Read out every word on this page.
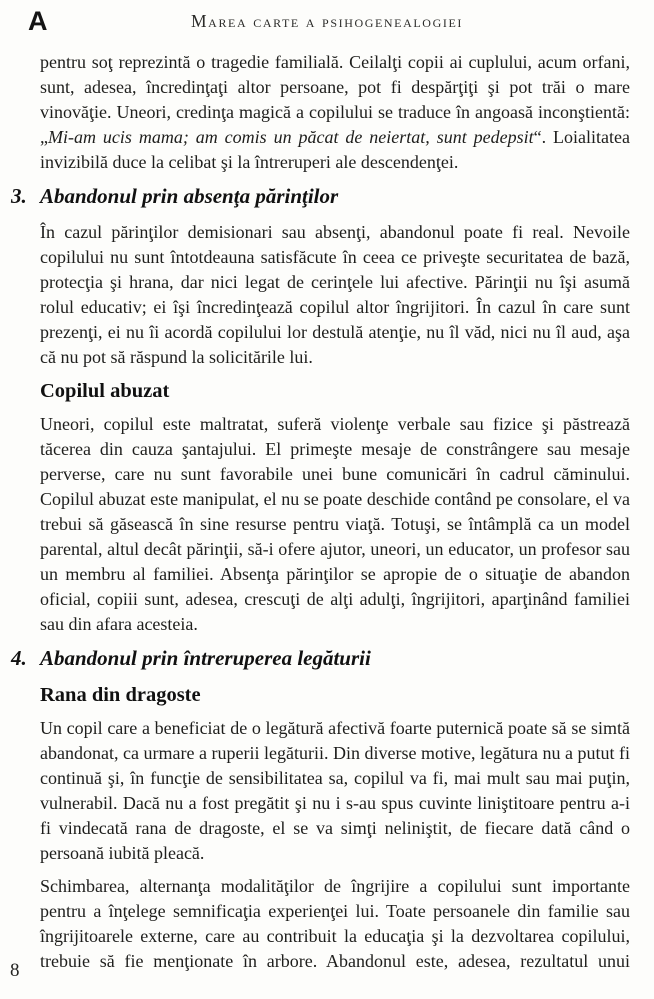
A	Marea carte a psihogenealogiei

pentru soţ reprezintă o tragedie familială. Ceilalţi copii ai cuplului, acum orfani, sunt, adesea, încredinţaţi altor persoane, pot fi despărţiţi şi pot trăi o mare vinovăţie. Uneori, credinţa magică a copilului se traduce în angoasă inconştientă: „Mi-am ucis mama; am comis un păcat de neiertat, sunt pedepsit“. Loialitatea invizibilă duce la celibat şi la întreruperi ale descendenţei.

3. Abandonul prin absenţa părinţilor

În cazul părinţilor demisionari sau absenţi, abandonul poate fi real. Nevoile copilului nu sunt întotdeauna satisfăcute în ceea ce priveşte securitatea de bază, protecţia şi hrana, dar nici legat de cerinţele lui afective. Părinţii nu îşi asumă rolul educativ; ei îşi încredinţează copilul altor îngrijitori. În cazul în care sunt prezenţi, ei nu îi acordă copilului lor destulă atenţie, nu îl văd, nici nu îl aud, aşa că nu pot să răspund la solicitările lui.

Copilul abuzat

Uneori, copilul este maltratat, suferă violenţe verbale sau fizice şi păstrează tăcerea din cauza şantajului. El primeşte mesaje de constrângere sau mesaje perverse, care nu sunt favorabile unei bune comunicări în cadrul căminului. Copilul abuzat este manipulat, el nu se poate deschide contând pe consolare, el va trebui să găsească în sine resurse pentru viaţă. Totuşi, se întâmplă ca un model parental, altul decât părinţii, să-i ofere ajutor, uneori, un educator, un profesor sau un membru al familiei. Absenţa părinţilor se apropie de o situaţie de abandon oficial, copiii sunt, adesea, crescuţi de alţi adulţi, îngrijitori, aparţinând familiei sau din afara acesteia.

4. Abandonul prin întreruperea legăturii
Rana din dragoste

Un copil care a beneficiat de o legătură afectivă foarte puternică poate să se simtă abandonat, ca urmare a ruperii legăturii. Din diverse motive, legătura nu a putut fi continuă şi, în funcţie de sensibilitatea sa, copilul va fi, mai mult sau mai puţin, vulnerabil. Dacă nu a fost pregătit şi nu i s-au spus cuvinte liniştitoare pentru a-i fi vindecată rana de dragoste, el se va simţi neliniştit, de fiecare dată când o persoană iubită pleacă.

Schimbarea, alternanţa modalităţilor de îngrijire a copilului sunt importante pentru a înţelege semnificaţia experienţei lui. Toate persoanele din familie sau îngrijitoarele externe, care au contribuit la educaţia şi la dezvoltarea copilului, trebuie să fie menţionate în arbore. Abandonul este, adesea, rezultatul unui

8
